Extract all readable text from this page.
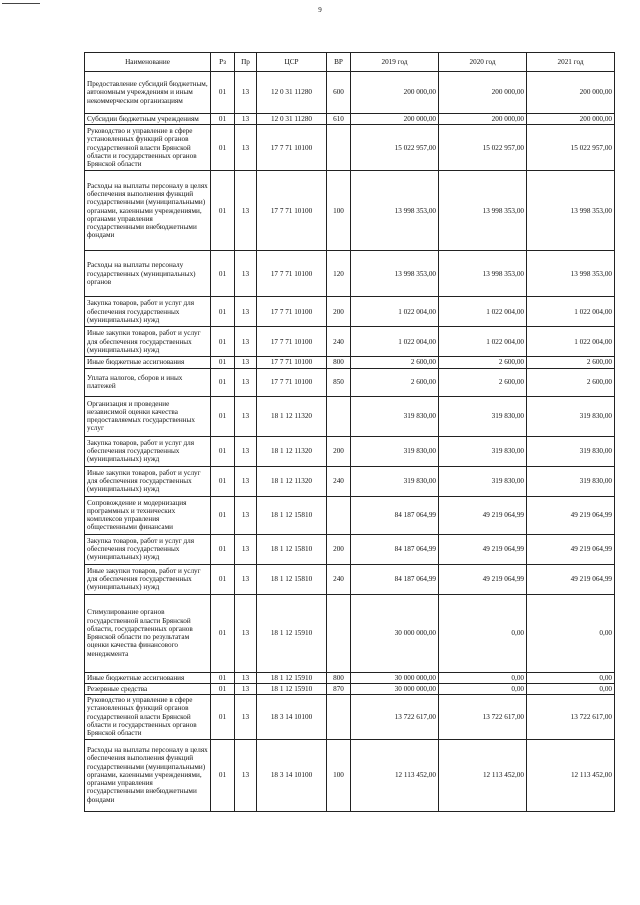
9
Наименование	Рз	Пр	ЦСР	ВР	2019 год	2020 год	2021 год
Предоставление субсидий бюджетным, автономным учреждениям и иным некоммерческим организациям	01	13	12 0 31 11280	600	200 000,00	200 000,00	200 000,00
Субсидии бюджетным учреждениям	01	13	12 0 31 11280	610	200 000,00	200 000,00	200 000,00
Руководство и управление в сфере установленных функций органов государственной власти Брянской области и государственных органов Брянской области	01	13	17 7 71 10100		15 022 957,00	15 022 957,00	15 022 957,00
Расходы на выплаты персоналу в целях обеспечения выполнения функций государственными (муниципальными) органами, казенными учреждениями, органами управления государственными внебюджетными фондами	01	13	17 7 71 10100	100	13 998 353,00	13 998 353,00	13 998 353,00
Расходы на выплаты персоналу государственных (муниципальных) органов	01	13	17 7 71 10100	120	13 998 353,00	13 998 353,00	13 998 353,00
Закупка товаров, работ и услуг для обеспечения государственных (муниципальных) нужд	01	13	17 7 71 10100	200	1 022 004,00	1 022 004,00	1 022 004,00
Иные закупки товаров, работ и услуг для обеспечения государственных (муниципальных) нужд	01	13	17 7 71 10100	240	1 022 004,00	1 022 004,00	1 022 004,00
Иные бюджетные ассигнования	01	13	17 7 71 10100	800	2 600,00	2 600,00	2 600,00
Уплата налогов, сборов и иных платежей	01	13	17 7 71 10100	850	2 600,00	2 600,00	2 600,00
Организация и проведение независимой оценки качества предоставляемых государственных услуг	01	13	18 1 12 11320		319 830,00	319 830,00	319 830,00
Закупка товаров, работ и услуг для обеспечения государственных (муниципальных) нужд	01	13	18 1 12 11320	200	319 830,00	319 830,00	319 830,00
Иные закупки товаров, работ и услуг для обеспечения государственных (муниципальных) нужд	01	13	18 1 12 11320	240	319 830,00	319 830,00	319 830,00
Сопровождение и модернизация программных и технических комплексов управления общественными финансами	01	13	18 1 12 15810		84 187 064,99	49 219 064,99	49 219 064,99
Закупка товаров, работ и услуг для обеспечения государственных (муниципальных) нужд	01	13	18 1 12 15810	200	84 187 064,99	49 219 064,99	49 219 064,99
Иные закупки товаров, работ и услуг для обеспечения государственных (муниципальных) нужд	01	13	18 1 12 15810	240	84 187 064,99	49 219 064,99	49 219 064,99
Стимулирование органов государственной власти Брянской области, государственных органов Брянской области по результатам оценки качества финансового менеджмента	01	13	18 1 12 15910		30 000 000,00	0,00	0,00
Иные бюджетные ассигнования	01	13	18 1 12 15910	800	30 000 000,00	0,00	0,00
Резервные средства	01	13	18 1 12 15910	870	30 000 000,00	0,00	0,00
Руководство и управление в сфере установленных функций органов государственной власти Брянской области и государственных органов Брянской области	01	13	18 3 14 10100		13 722 617,00	13 722 617,00	13 722 617,00
Расходы на выплаты персоналу в целях обеспечения выполнения функций государственными (муниципальными) органами, казенными учреждениями, органами управления государственными внебюджетными фондами	01	13	18 3 14 10100	100	12 113 452,00	12 113 452,00	12 113 452,00
